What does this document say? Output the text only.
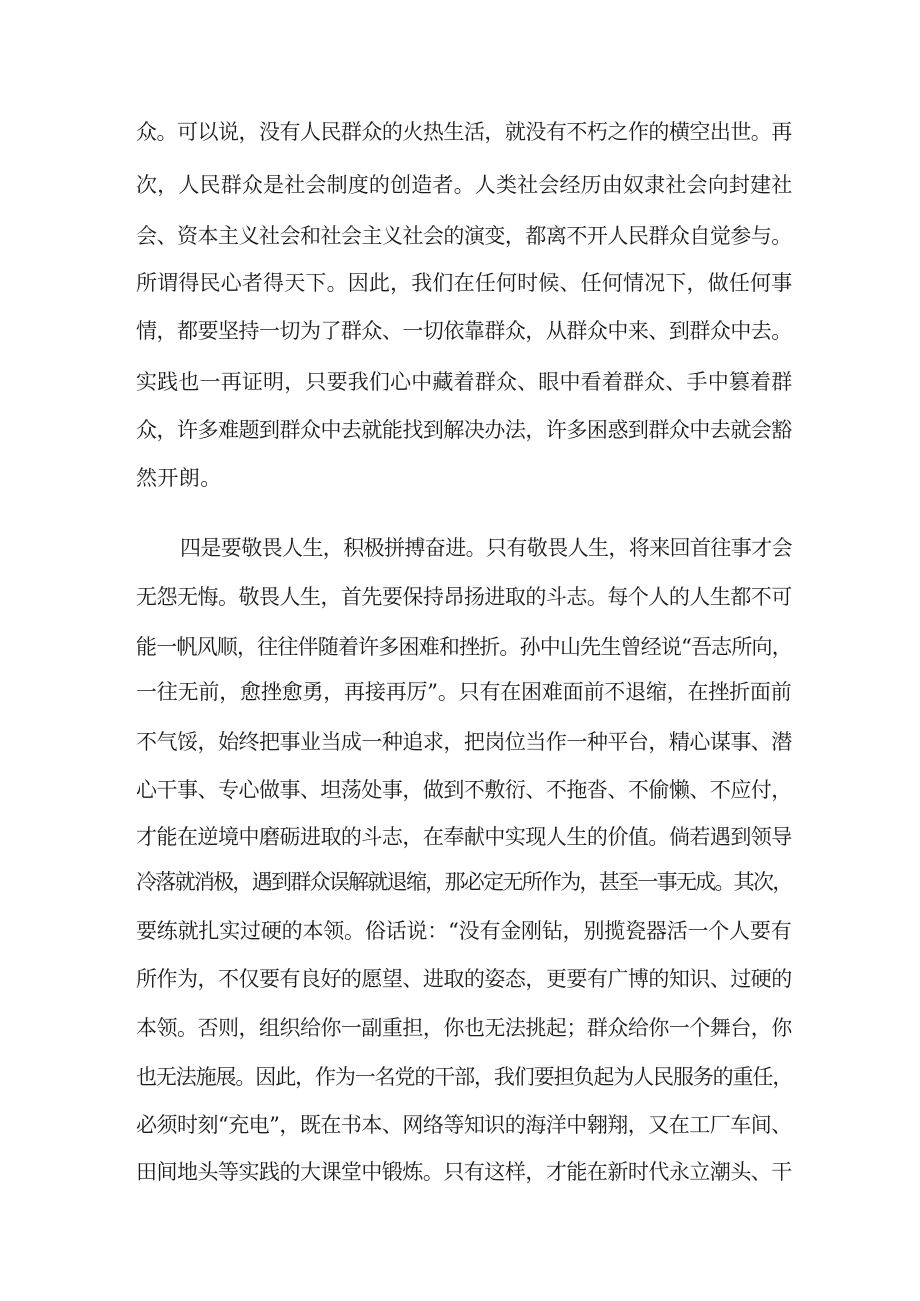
众。可以说，没有人民群众的火热生活，就没有不朽之作的横空出世。再
次，人民群众是社会制度的创造者。人类社会经历由奴隶社会向封建社
会、资本主义社会和社会主义社会的演变，都离不开人民群众自觉参与。
所谓得民心者得天下。因此，我们在任何时候、任何情况下，做任何事
情，都要坚持一切为了群众、一切依靠群众，从群众中来、到群众中去。
实践也一再证明，只要我们心中藏着群众、眼中看着群众、手中篡着群
众，许多难题到群众中去就能找到解决办法，许多困惑到群众中去就会豁
然开朗。
四是要敬畏人生，积极拼搏奋进。只有敬畏人生，将来回首往事才会
无怨无悔。敬畏人生，首先要保持昂扬进取的斗志。每个人的人生都不可
能一帆风顺，往往伴随着许多困难和挫折。孙中山先生曾经说“吾志所向，
一往无前，愈挫愈勇，再接再厉”。只有在困难面前不退缩，在挫折面前
不气馁，始终把事业当成一种追求，把岗位当作一种平台，精心谋事、潜
心干事、专心做事、坦荡处事，做到不敷衍、不拖沓、不偷懒、不应付，
才能在逆境中磨砺进取的斗志，在奉献中实现人生的价值。倘若遇到领导
冷落就消极，遇到群众误解就退缩，那必定无所作为，甚至一事无成。其次，
要练就扎实过硬的本领。俗话说：“没有金刚钻，别揽瓷器活一个人要有
所作为，不仅要有良好的愿望、进取的姿态，更要有广博的知识、过硬的
本领。否则，组织给你一副重担，你也无法挑起；群众给你一个舞台，你
也无法施展。因此，作为一名党的干部，我们要担负起为人民服务的重任，
必须时刻“充电”，既在书本、网络等知识的海洋中翱翔，又在工厂车间、
田间地头等实践的大课堂中锻炼。只有这样，才能在新时代永立潮头、干
